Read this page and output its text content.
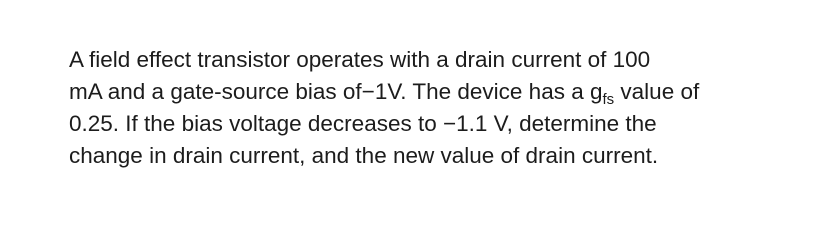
A field effect transistor operates with a drain current of 100
mA and a gate-source bias of−1V. The device has a g fs value of
0.25. If the bias voltage decreases to −1.1 V, determine the
change in drain current, and the new value of drain current.
